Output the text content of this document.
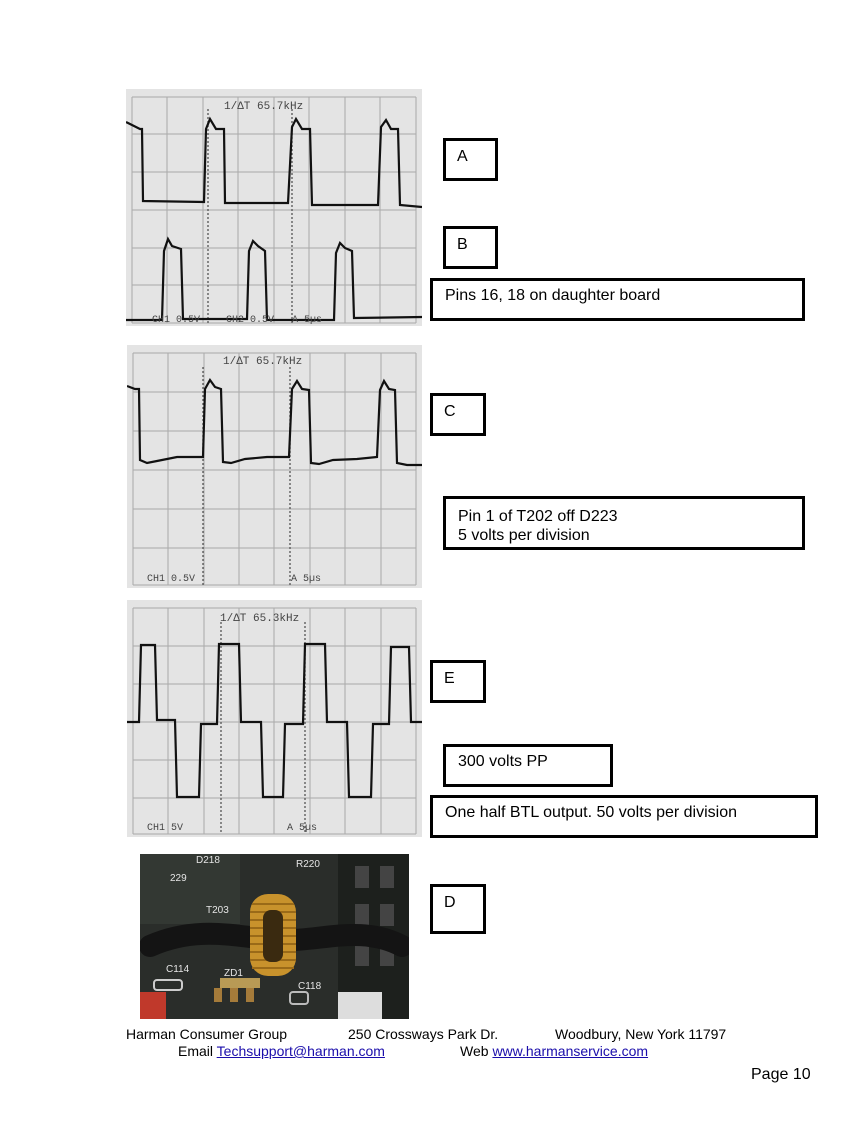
1/ΔT 65.7kHz
CH1 0.5V	CH2 0.5V A 5µs
A
B
Pins 16, 18 on daughter board
1/ΔT 65.7kHz
CH1 0.5V	A 5µs
C
Pin 1 of T202 off D223
5 volts per division
1/ΔT 65.3kHz
CH1 5V	A 5µs
E
300 volts PP
One half BTL output. 50 volts per division
D218	R220
229
T203
C114	ZD1
C118
D
Harman Consumer Group	250 Crossways Park Dr.	Woodbury, New York 11797
Email Techsupport@harman.com	Web www.harmanservice.com
Page 10
